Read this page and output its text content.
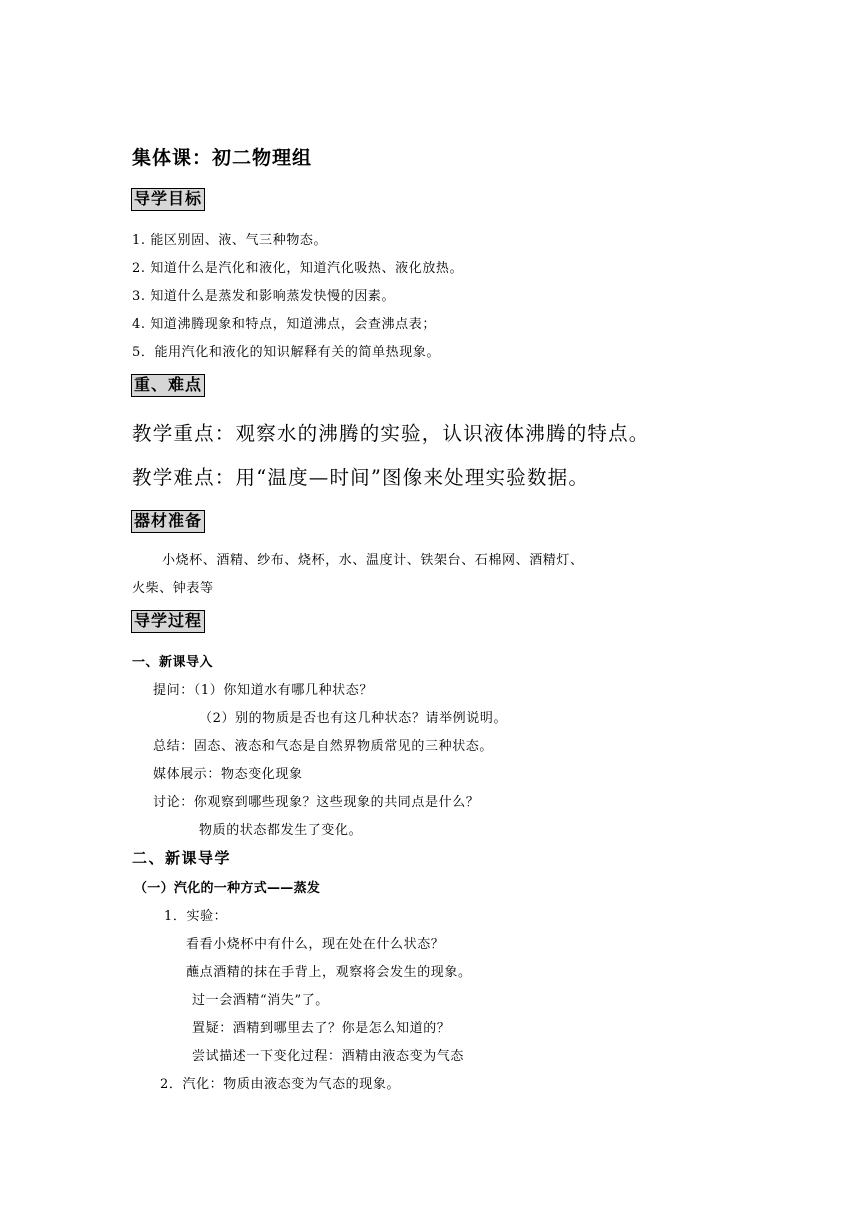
集体课：初二物理组
导学目标
1. 能区别固、液、气三种物态。
2. 知道什么是汽化和液化，知道汽化吸热、液化放热。
3. 知道什么是蒸发和影响蒸发快慢的因素。
4. 知道沸腾现象和特点，知道沸点，会查沸点表；
5．能用汽化和液化的知识解释有关的简单热现象。
重、难点
教学重点：观察水的沸腾的实验，认识液体沸腾的特点。
教学难点：用“温度—时间”图像来处理实验数据。
器材准备
小烧杯、酒精、纱布、烧杯，水、温度计、铁架台、石棉网、酒精灯、
火柴、钟表等
导学过程
一、新课导入
提问：（1）你知道水有哪几种状态？
（2）别的物质是否也有这几种状态？请举例说明。
总结：固态、液态和气态是自然界物质常见的三种状态。
媒体展示：物态变化现象
讨论：你观察到哪些现象？这些现象的共同点是什么？
物质的状态都发生了变化。
二、新课导学
（一）汽化的一种方式——蒸发
1．实验：
看看小烧杯中有什么，现在处在什么状态？
蘸点酒精的抹在手背上，观察将会发生的现象。
过一会酒精“消失”了。
置疑：酒精到哪里去了？你是怎么知道的？
尝试描述一下变化过程：酒精由液态变为气态
2．汽化：物质由液态变为气态的现象。
